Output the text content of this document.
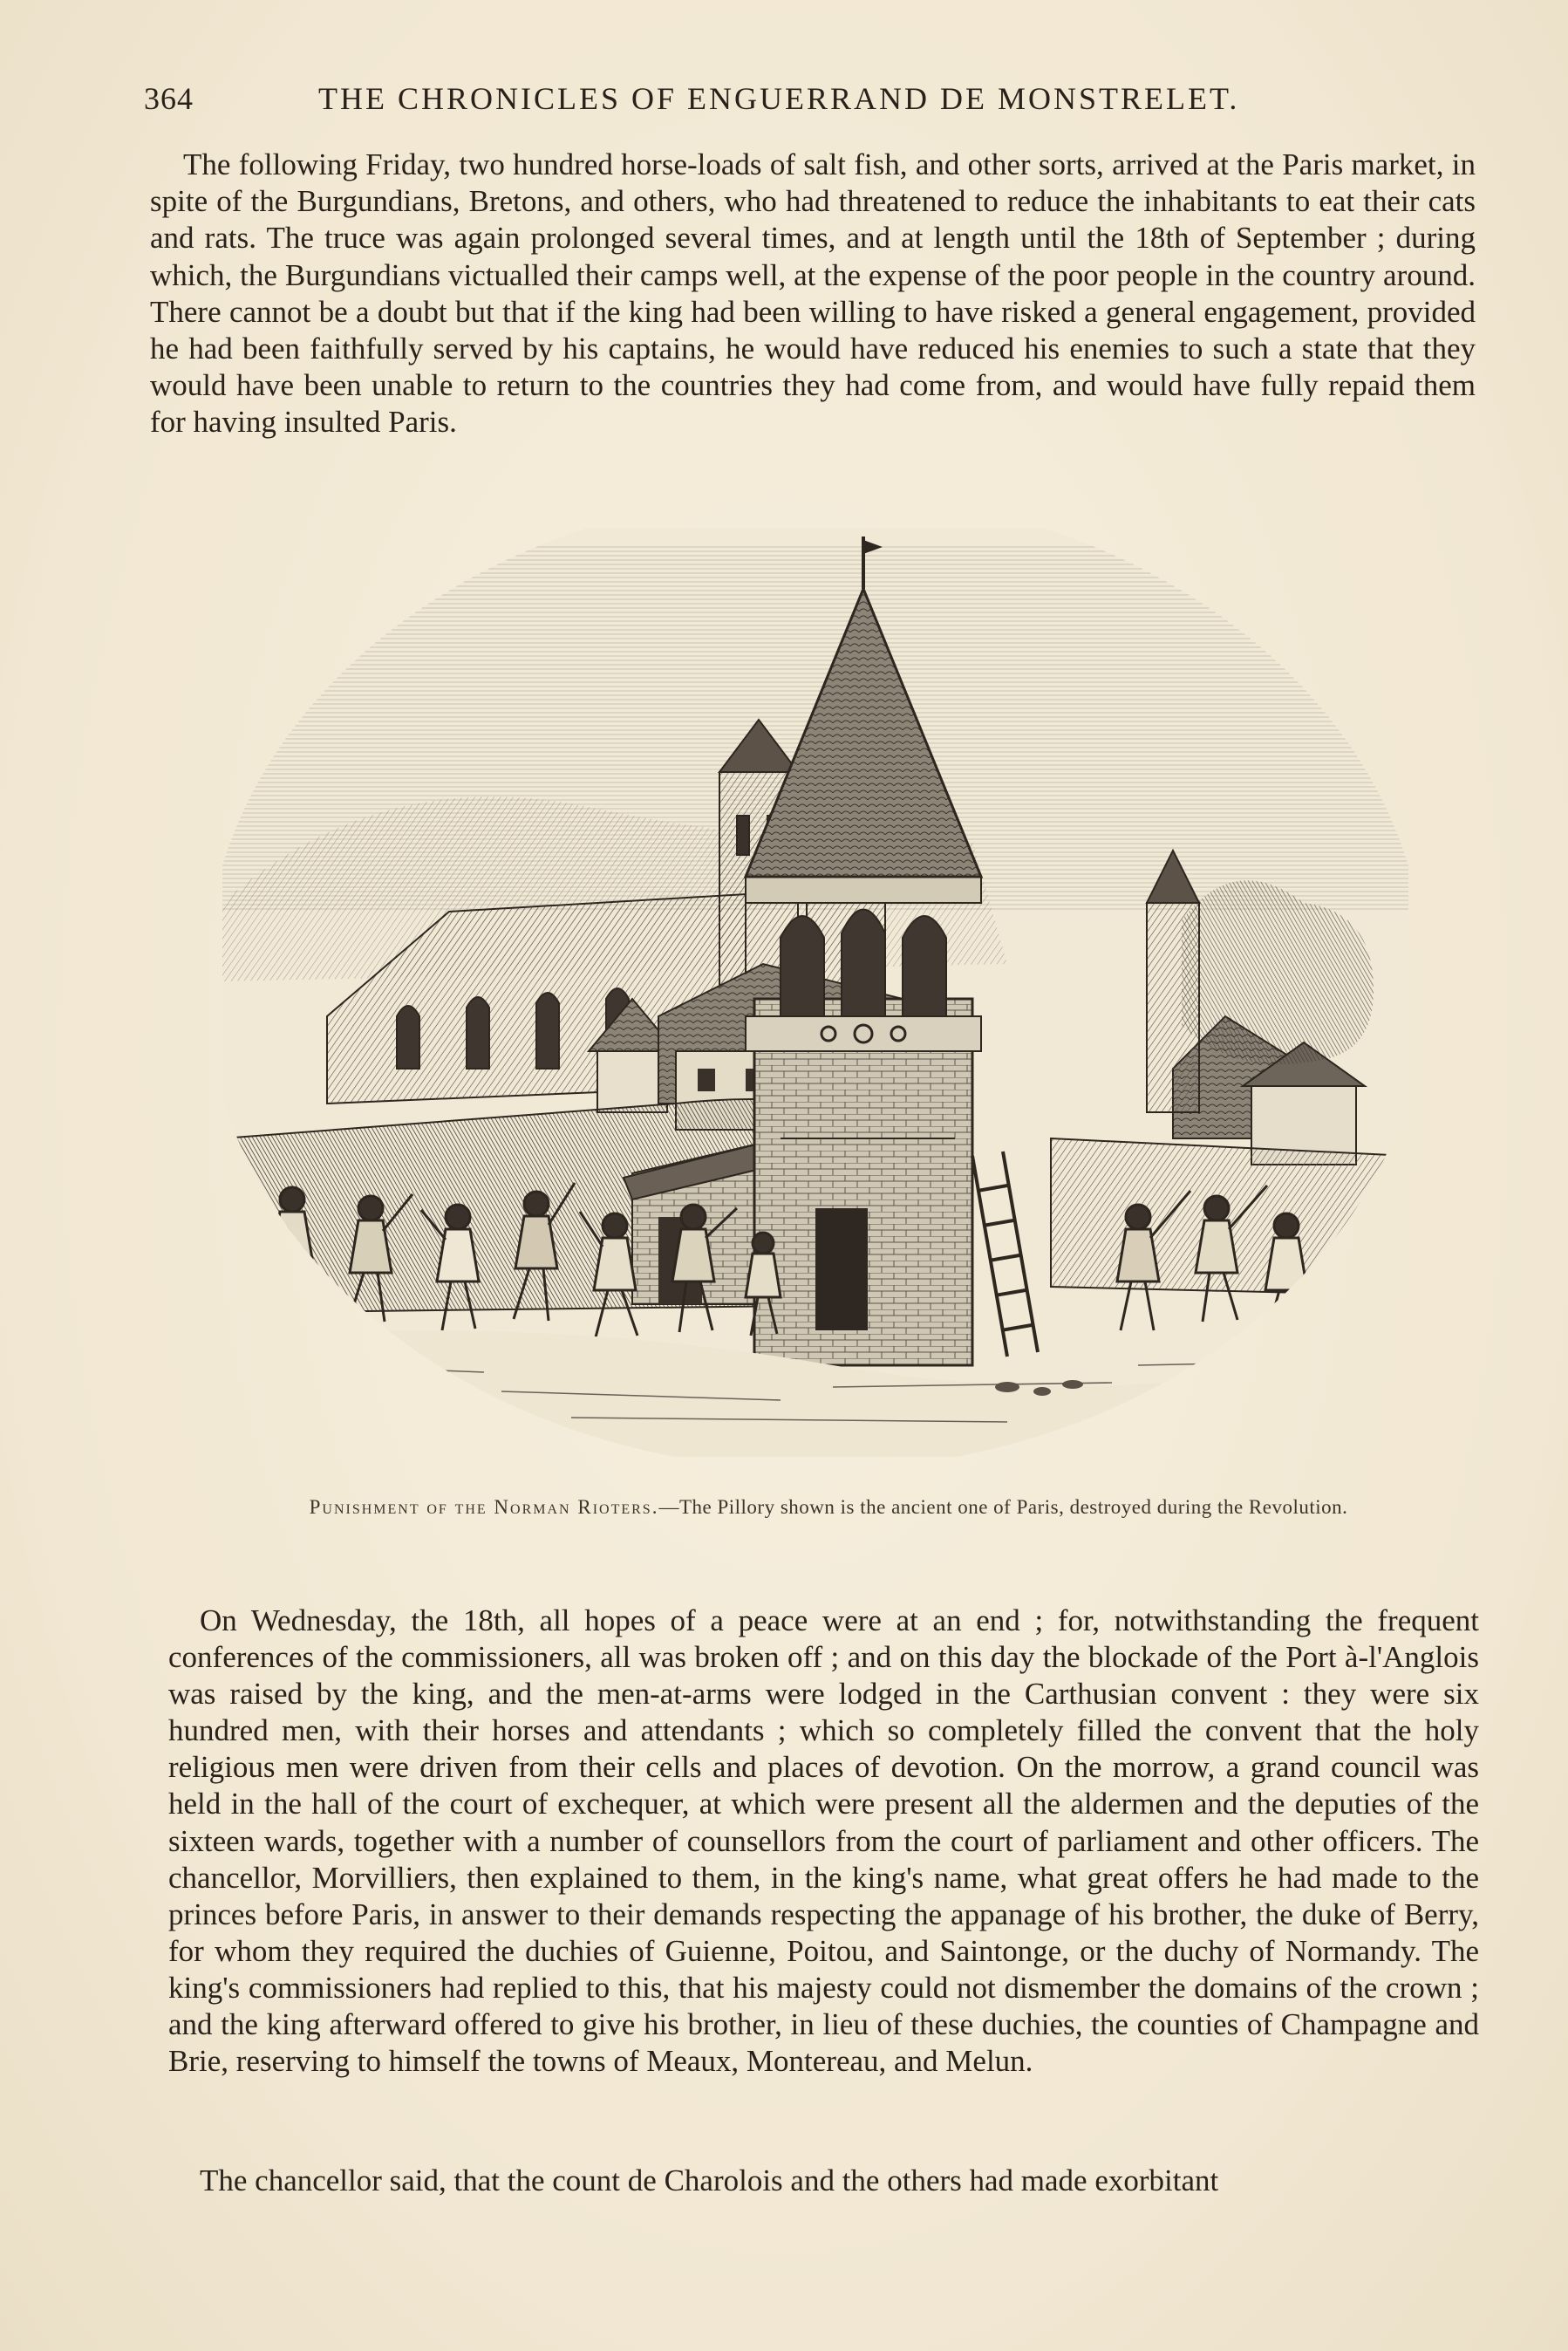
364	THE CHRONICLES OF ENGUERRAND DE MONSTRELET.

The following Friday, two hundred horse-loads of salt fish, and other sorts, arrived at the Paris market, in spite of the Burgundians, Bretons, and others, who had threatened to reduce the inhabitants to eat their cats and rats. The truce was again prolonged several times, and at length until the 18th of September ; during which, the Burgundians victualled their camps well, at the expense of the poor people in the country around. There cannot be a doubt but that if the king had been willing to have risked a general engagement, provided he had been faithfully served by his captains, he would have reduced his enemies to such a state that they would have been unable to return to the countries they had come from, and would have fully repaid them for having insulted Paris.

Punishment of the Norman Rioters.—The Pillory shown is the ancient one of Paris, destroyed during the Revolution.

On Wednesday, the 18th, all hopes of a peace were at an end ; for, notwithstanding the frequent conferences of the commissioners, all was broken off ; and on this day the blockade of the Port à-l'Anglois was raised by the king, and the men-at-arms were lodged in the Carthusian convent : they were six hundred men, with their horses and attendants ; which so completely filled the convent that the holy religious men were driven from their cells and places of devotion. On the morrow, a grand council was held in the hall of the court of exchequer, at which were present all the aldermen and the deputies of the sixteen wards, together with a number of counsellors from the court of parliament and other officers. The chancellor, Morvilliers, then explained to them, in the king's name, what great offers he had made to the princes before Paris, in answer to their demands respecting the appanage of his brother, the duke of Berry, for whom they required the duchies of Guienne, Poitou, and Saintonge, or the duchy of Normandy. The king's commissioners had replied to this, that his majesty could not dismember the domains of the crown ; and the king afterward offered to give his brother, in lieu of these duchies, the counties of Champagne and Brie, reserving to himself the towns of Meaux, Montereau, and Melun.

The chancellor said, that the count de Charolois and the others had made exorbitant
